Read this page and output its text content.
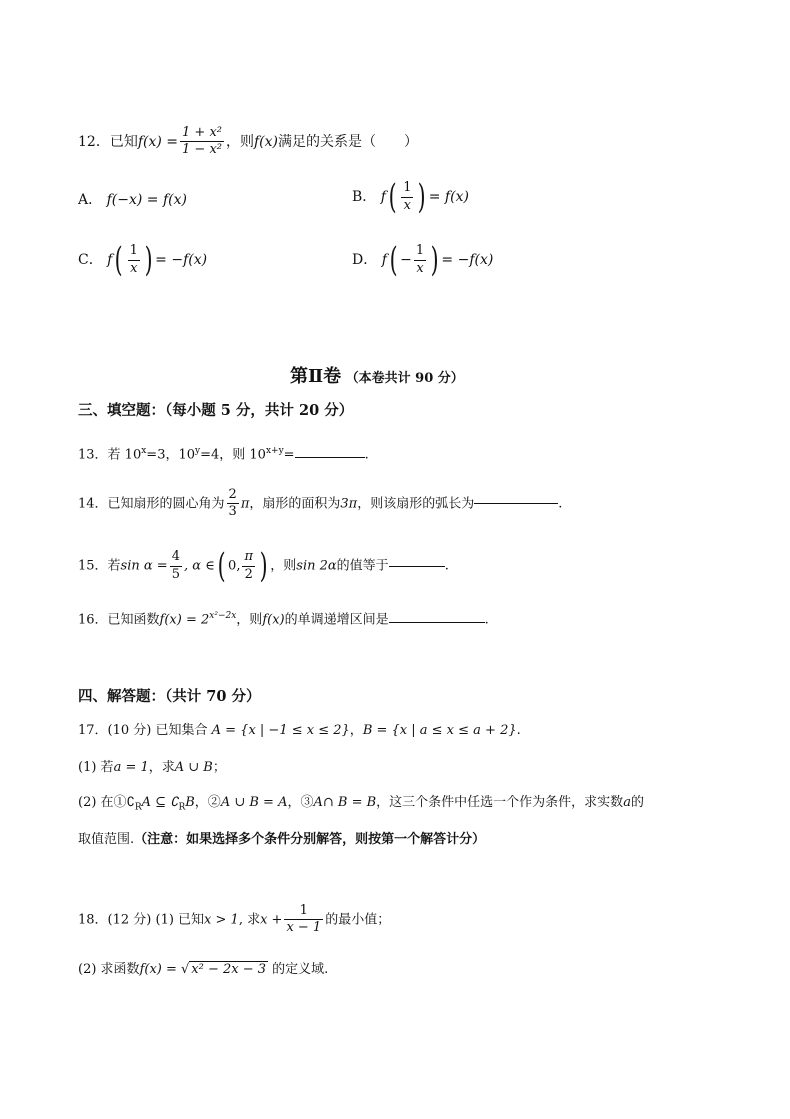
12．已知$f(x) = \frac{\text{1 + x²}}{\text{1 − x²}}$ ，则f(x)满足的关系是（　　）
A． f(−x) = f(x)	B． $f( \frac{1}{x}$ ) = f(x)
C． $f( \frac{1}{x}$ ) = −f(x)	D． $f( - \frac{1}{x}$ ) = −f(x)
第Ⅱ卷 （本卷共计 90 分）
三、填空题：（每小题 5 分，共计 20 分）
13．若 $10^x=3$，$10^y=4$，则 $10^{x+y}=$	.
14．已知扇形的圆心角为 $\frac{2}{3}$ π，扇形的面积为3π，则该扇形的弧长为	.
15．若$\sin \alpha = \frac{4}{5}$ , α ∈( 0, $\frac{\pi}{2}$ ) ，则sin 2α的值等于	.
16．已知函数$f(x) = 2^{x^2-2x}$，则f(x)的单调递增区间是	.
四、解答题：（共计 70 分）
17．(10 分) 已知集合 A = {x | −1 ≤ x ≤ 2}，B = {x | a ≤ x ≤ a + 2}.
(1) 若a = 1，求A ∪ B；
(2) 在$①∁_RA$ ⊆ $∁_RB$，②A ∪ B = A，③A∩ B = B，这三个条件中任选一个作为条件，求实数a的
取值范围.（注意：如果选择多个条件分别解答，则按第一个解答计分）
18．(12 分) (1) 已知x > 1, 求$x + \frac{1}{x - 1}$ 的最小值；
(2) 求函数f(x) = √ x² − 2x − 3 的定义域.
